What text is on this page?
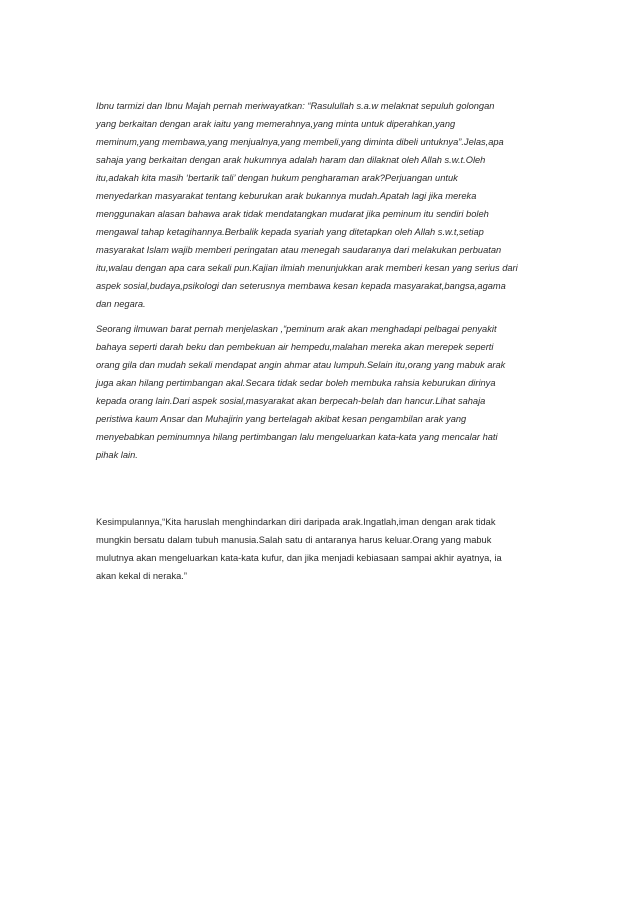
Ibnu tarmizi dan Ibnu Majah pernah meriwayatkan: “Rasulullah s.a.w melaknat sepuluh golongan
yang berkaitan dengan arak iaitu yang memerahnya,yang minta untuk diperahkan,yang
meminum,yang membawa,yang menjualnya,yang membeli,yang diminta dibeli untuknya”.Jelas,apa
sahaja yang berkaitan dengan arak hukumnya adalah haram dan dilaknat oleh Allah s.w.t.Oleh
itu,adakah kita masih ‘bertarik tali’ dengan hukum pengharaman arak?Perjuangan untuk
menyedarkan masyarakat tentang keburukan arak bukannya mudah.Apatah lagi jika mereka
menggunakan alasan bahawa arak tidak mendatangkan mudarat jika peminum itu sendiri boleh
mengawal tahap ketagihannya.Berbalik kepada syariah yang ditetapkan oleh Allah s.w.t,setiap
masyarakat Islam wajib memberi peringatan atau menegah saudaranya dari melakukan perbuatan
itu,walau dengan apa cara sekali pun.Kajian ilmiah menunjukkan arak memberi kesan yang serius dari
aspek sosial,budaya,psikologi dan seterusnya membawa kesan kepada masyarakat,bangsa,agama
dan negara.

Seorang ilmuwan barat pernah menjelaskan ,“peminum arak akan menghadapi pelbagai penyakit
bahaya seperti darah beku dan pembekuan air hempedu,malahan mereka akan merepek seperti
orang gila dan mudah sekali mendapat angin ahmar atau lumpuh.Selain itu,orang yang mabuk arak
juga akan hilang pertimbangan akal.Secara tidak sedar boleh membuka rahsia keburukan dirinya
kepada orang lain.Dari aspek sosial,masyarakat akan berpecah-belah dan hancur.Lihat sahaja
peristiwa kaum Ansar dan Muhajirin yang bertelagah akibat kesan pengambilan arak yang
menyebabkan peminumnya hilang pertimbangan lalu mengeluarkan kata-kata yang mencalar hati
pihak lain.

Kesimpulannya,“Kita haruslah menghindarkan diri daripada arak.Ingatlah,iman dengan arak tidak
mungkin bersatu dalam tubuh manusia.Salah satu di antaranya harus keluar.Orang yang mabuk
mulutnya akan mengeluarkan kata-kata kufur, dan jika menjadi kebiasaan sampai akhir ayatnya, ia
akan kekal di neraka.”
